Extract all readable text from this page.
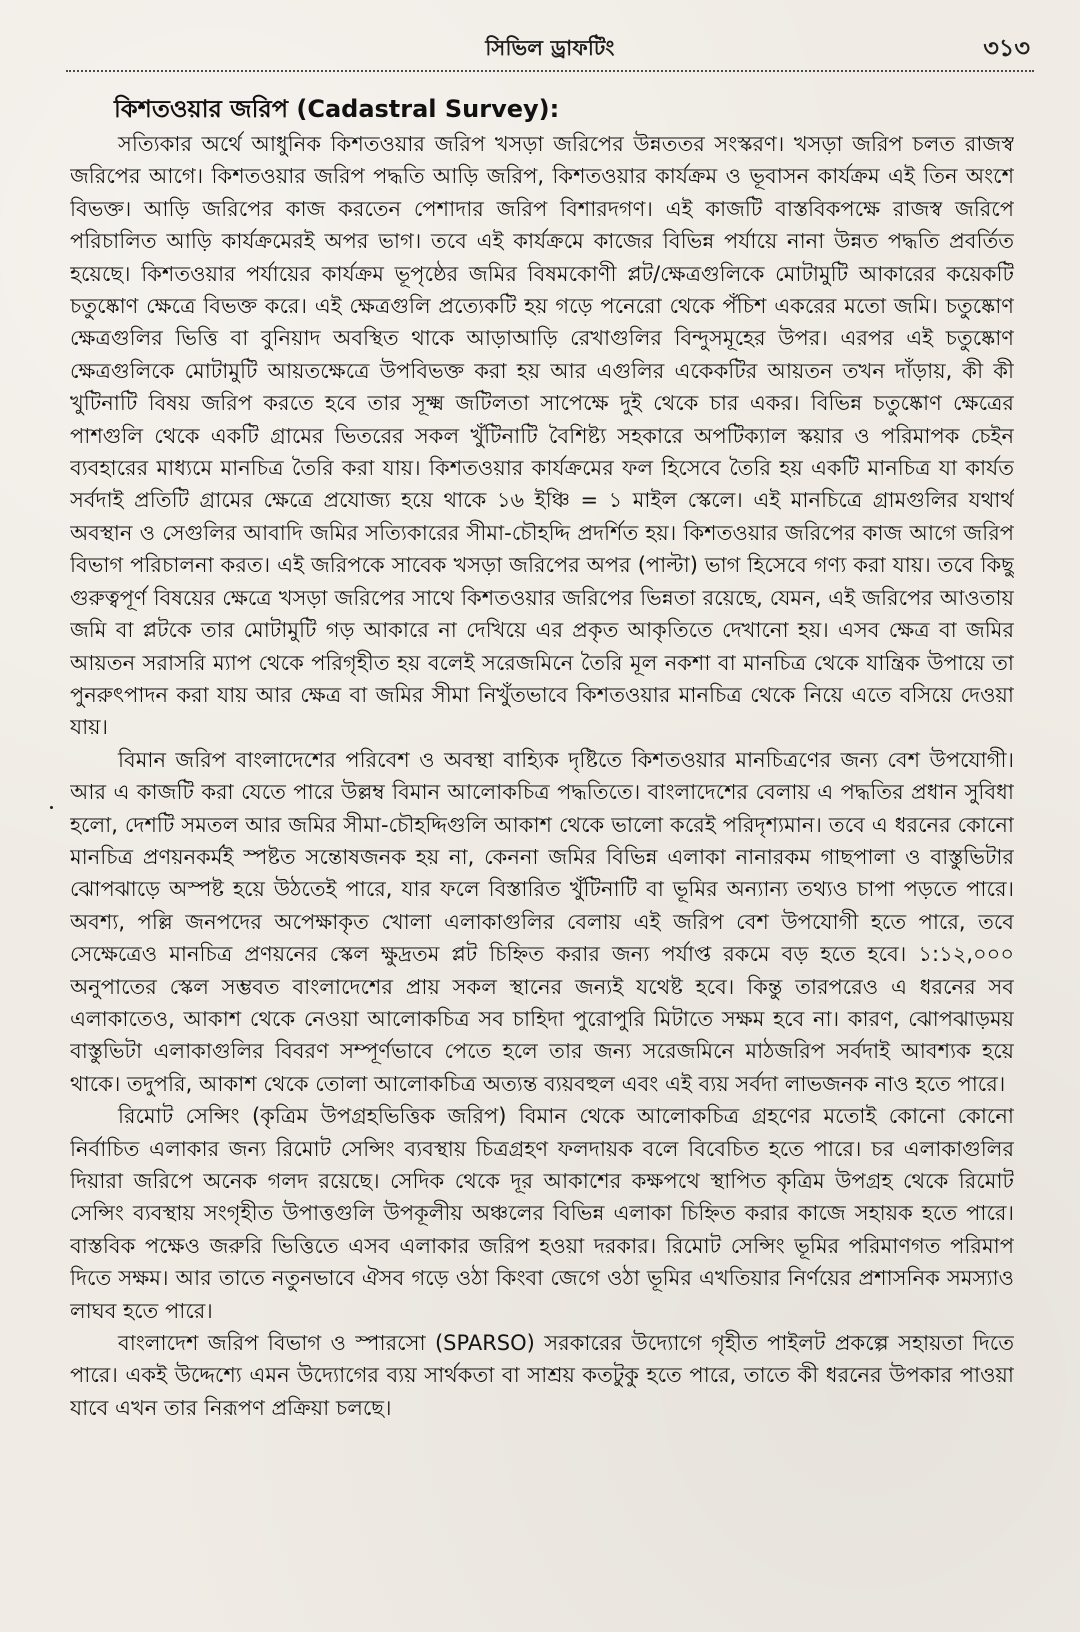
সিভিল ড্রাফটিং	৩১৩
কিশতওয়ার জরিপ (Cadastral Survey):

সত্যিকার অর্থে আধুনিক কিশতওয়ার জরিপ খসড়া জরিপের উন্নততর সংস্করণ। খসড়া জরিপ চলত রাজস্ব জরিপের আগে। কিশতওয়ার জরিপ পদ্ধতি আড়ি জরিপ, কিশতওয়ার কার্যক্রম ও ভূবাসন কার্যক্রম এই তিন অংশে বিভক্ত। আড়ি জরিপের কাজ করতেন পেশাদার জরিপ বিশারদগণ। এই কাজটি বাস্তবিকপক্ষে রাজস্ব জরিপে পরিচালিত আড়ি কার্যক্রমেরই অপর ভাগ। তবে এই কার্যক্রমে কাজের বিভিন্ন পর্যায়ে নানা উন্নত পদ্ধতি প্রবর্তিত হয়েছে। কিশতওয়ার পর্যায়ের কার্যক্রম ভূপৃষ্ঠের জমির বিষমকোণী প্লট/ক্ষেত্রগুলিকে মোটামুটি আকারের কয়েকটি চতুষ্কোণ ক্ষেত্রে বিভক্ত করে। এই ক্ষেত্রগুলি প্রত্যেকটি হয় গড়ে পনেরো থেকে পঁচিশ একরের মতো জমি। চতুষ্কোণ ক্ষেত্রগুলির ভিত্তি বা বুনিয়াদ অবস্থিত থাকে আড়াআড়ি রেখাগুলির বিন্দুসমূহের উপর। এরপর এই চতুষ্কোণ ক্ষেত্রগুলিকে মোটামুটি আয়তক্ষেত্রে উপবিভক্ত করা হয় আর এগুলির একেকটির আয়তন তখন দাঁড়ায়, কী কী খুটিনাটি বিষয় জরিপ করতে হবে তার সূক্ষ্ম জটিলতা সাপেক্ষে দুই থেকে চার একর। বিভিন্ন চতুষ্কোণ ক্ষেত্রের পাশগুলি থেকে একটি গ্রামের ভিতরের সকল খুঁটিনাটি বৈশিষ্ট্য সহকারে অপটিক্যাল স্কয়ার ও পরিমাপক চেইন ব্যবহারের মাধ্যমে মানচিত্র তৈরি করা যায়। কিশতওয়ার কার্যক্রমের ফল হিসেবে তৈরি হয় একটি মানচিত্র যা কার্যত সর্বদাই প্রতিটি গ্রামের ক্ষেত্রে প্রযোজ্য হয়ে থাকে ১৬ ইঞ্চি = ১ মাইল স্কেলে। এই মানচিত্রে গ্রামগুলির যথার্থ অবস্থান ও সেগুলির আবাদি জমির সত্যিকারের সীমা-চৌহদ্দি প্রদর্শিত হয়। কিশতওয়ার জরিপের কাজ আগে জরিপ বিভাগ পরিচালনা করত। এই জরিপকে সাবেক খসড়া জরিপের অপর (পাল্টা) ভাগ হিসেবে গণ্য করা যায়। তবে কিছু গুরুত্বপূর্ণ বিষয়ের ক্ষেত্রে খসড়া জরিপের সাথে কিশতওয়ার জরিপের ভিন্নতা রয়েছে, যেমন, এই জরিপের আওতায় জমি বা প্লটকে তার মোটামুটি গড় আকারে না দেখিয়ে এর প্রকৃত আকৃতিতে দেখানো হয়। এসব ক্ষেত্র বা জমির আয়তন সরাসরি ম্যাপ থেকে পরিগৃহীত হয় বলেই সরেজমিনে তৈরি মূল নকশা বা মানচিত্র থেকে যান্ত্রিক উপায়ে তা পুনরুৎপাদন করা যায় আর ক্ষেত্র বা জমির সীমা নিখুঁতভাবে কিশতওয়ার মানচিত্র থেকে নিয়ে এতে বসিয়ে দেওয়া যায়।

বিমান জরিপ বাংলাদেশের পরিবেশ ও অবস্থা বাহ্যিক দৃষ্টিতে কিশতওয়ার মানচিত্রণের জন্য বেশ উপযোগী। আর এ কাজটি করা যেতে পারে উল্লম্ব বিমান আলোকচিত্র পদ্ধতিতে। বাংলাদেশের বেলায় এ পদ্ধতির প্রধান সুবিধা হলো, দেশটি সমতল আর জমির সীমা-চৌহদ্দিগুলি আকাশ থেকে ভালো করেই পরিদৃশ্যমান। তবে এ ধরনের কোনো মানচিত্র প্রণয়নকর্মই স্পষ্টত সন্তোষজনক হয় না, কেননা জমির বিভিন্ন এলাকা নানারকম গাছপালা ও বাস্তুভিটার ঝোপঝাড়ে অস্পষ্ট হয়ে উঠতেই পারে, যার ফলে বিস্তারিত খুঁটিনাটি বা ভূমির অন্যান্য তথ্যও চাপা পড়তে পারে। অবশ্য, পল্লি জনপদের অপেক্ষাকৃত খোলা এলাকাগুলির বেলায় এই জরিপ বেশ উপযোগী হতে পারে, তবে সেক্ষেত্রেও মানচিত্র প্রণয়নের স্কেল ক্ষুদ্রতম প্লট চিহ্নিত করার জন্য পর্যাপ্ত রকমে বড় হতে হবে। ১:১২,০০০ অনুপাতের স্কেল সম্ভবত বাংলাদেশের প্রায় সকল স্থানের জন্যই যথেষ্ট হবে। কিন্তু তারপরেও এ ধরনের সব এলাকাতেও, আকাশ থেকে নেওয়া আলোকচিত্র সব চাহিদা পুরোপুরি মিটাতে সক্ষম হবে না। কারণ, ঝোপঝাড়ময় বাস্তুভিটা এলাকাগুলির বিবরণ সম্পূর্ণভাবে পেতে হলে তার জন্য সরেজমিনে মাঠজরিপ সর্বদাই আবশ্যক হয়ে থাকে। তদুপরি, আকাশ থেকে তোলা আলোকচিত্র অত্যন্ত ব্যয়বহুল এবং এই ব্যয় সর্বদা লাভজনক নাও হতে পারে।

রিমোট সেন্সিং (কৃত্রিম উপগ্রহভিত্তিক জরিপ) বিমান থেকে আলোকচিত্র গ্রহণের মতোই কোনো কোনো নির্বাচিত এলাকার জন্য রিমোট সেন্সিং ব্যবস্থায় চিত্রগ্রহণ ফলদায়ক বলে বিবেচিত হতে পারে। চর এলাকাগুলির দিয়ারা জরিপে অনেক গলদ রয়েছে। সেদিক থেকে দূর আকাশের কক্ষপথে স্থাপিত কৃত্রিম উপগ্রহ থেকে রিমোট সেন্সিং ব্যবস্থায় সংগৃহীত উপাত্তগুলি উপকূলীয় অঞ্চলের বিভিন্ন এলাকা চিহ্নিত করার কাজে সহায়ক হতে পারে। বাস্তবিক পক্ষেও জরুরি ভিত্তিতে এসব এলাকার জরিপ হওয়া দরকার। রিমোট সেন্সিং ভূমির পরিমাণগত পরিমাপ দিতে সক্ষম। আর তাতে নতুনভাবে ঐসব গড়ে ওঠা কিংবা জেগে ওঠা ভূমির এখতিয়ার নির্ণয়ের প্রশাসনিক সমস্যাও লাঘব হতে পারে।

বাংলাদেশ জরিপ বিভাগ ও স্পারসো (SPARSO) সরকারের উদ্যোগে গৃহীত পাইলট প্রকল্পে সহায়তা দিতে পারে। একই উদ্দেশ্যে এমন উদ্যোগের ব্যয় সার্থকতা বা সাশ্রয় কতটুকু হতে পারে, তাতে কী ধরনের উপকার পাওয়া যাবে এখন তার নিরূপণ প্রক্রিয়া চলছে।
